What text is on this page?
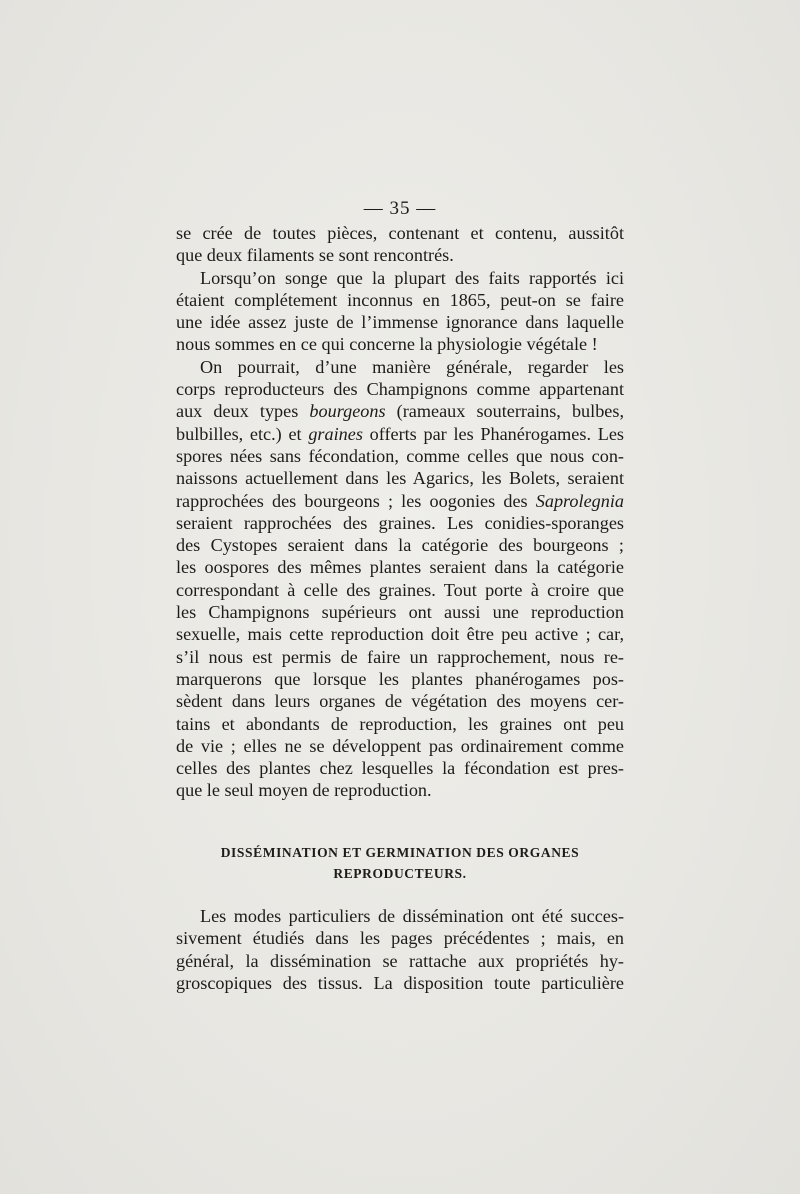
— 35 —
se crée de toutes pièces, contenant et contenu, aussitôt
que deux filaments se sont rencontrés.
Lorsqu’on songe que la plupart des faits rapportés ici
étaient complétement inconnus en 1865, peut-on se faire
une idée assez juste de l’immense ignorance dans laquelle
nous sommes en ce qui concerne la physiologie végétale !
On pourrait, d’une manière générale, regarder les
corps reproducteurs des Champignons comme appartenant
aux deux types bourgeons (rameaux souterrains, bulbes,
bulbilles, etc.) et graines offerts par les Phanérogames. Les
spores nées sans fécondation, comme celles que nous con-
naissons actuellement dans les Agarics, les Bolets, seraient
rapprochées des bourgeons ; les oogonies des Saprolegnia
seraient rapprochées des graines. Les conidies-sporanges
des Cystopes seraient dans la catégorie des bourgeons ;
les oospores des mêmes plantes seraient dans la catégorie
correspondant à celle des graines. Tout porte à croire que
les Champignons supérieurs ont aussi une reproduction
sexuelle, mais cette reproduction doit être peu active ; car,
s’il nous est permis de faire un rapprochement, nous re-
marquerons que lorsque les plantes phanérogames pos-
sèdent dans leurs organes de végétation des moyens cer-
tains et abondants de reproduction, les graines ont peu
de vie ; elles ne se développent pas ordinairement comme
celles des plantes chez lesquelles la fécondation est pres-
que le seul moyen de reproduction.
DISSÉMINATION ET GERMINATION DES ORGANES
REPRODUCTEURS.
Les modes particuliers de dissémination ont été succes-
sivement étudiés dans les pages précédentes ; mais, en
général, la dissémination se rattache aux propriétés hy-
groscopiques des tissus. La disposition toute particulière
